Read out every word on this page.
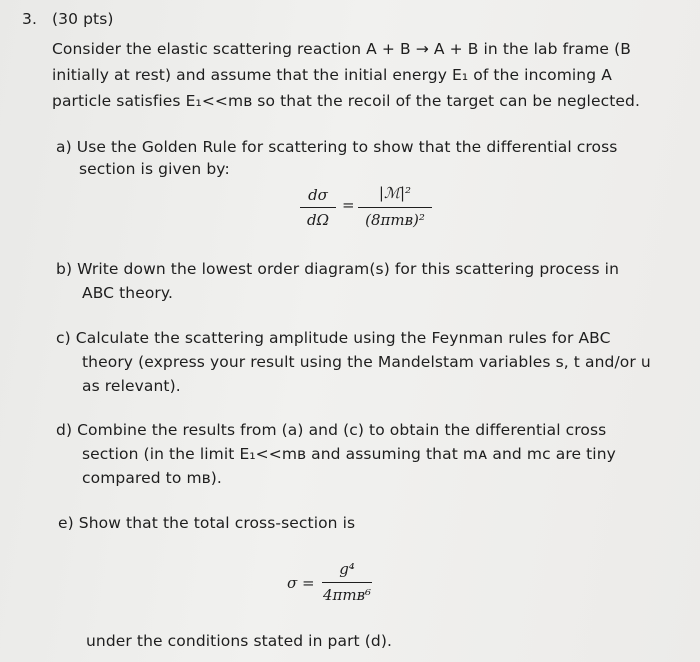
3. (30 pts)
Consider the elastic scattering reaction A + B → A + B in the lab frame (B
initially at rest) and assume that the initial energy E₁ of the incoming A
particle satisfies E₁<<mʙ so that the recoil of the target can be neglected.
a) Use the Golden Rule for scattering to show that the differential cross
section is given by:
dσ
dΩ
=
|ℳ|²
(8πmʙ)²
b) Write down the lowest order diagram(s) for this scattering process in
ABC theory.
c) Calculate the scattering amplitude using the Feynman rules for ABC
theory (express your result using the Mandelstam variables s, t and/or u
as relevant).
d) Combine the results from (a) and (c) to obtain the differential cross
section (in the limit E₁<<mʙ and assuming that mᴀ and mᴄ are tiny
compared to mʙ).
e) Show that the total cross-section is
σ =
g⁴
4πmʙ⁶
under the conditions stated in part (d).
